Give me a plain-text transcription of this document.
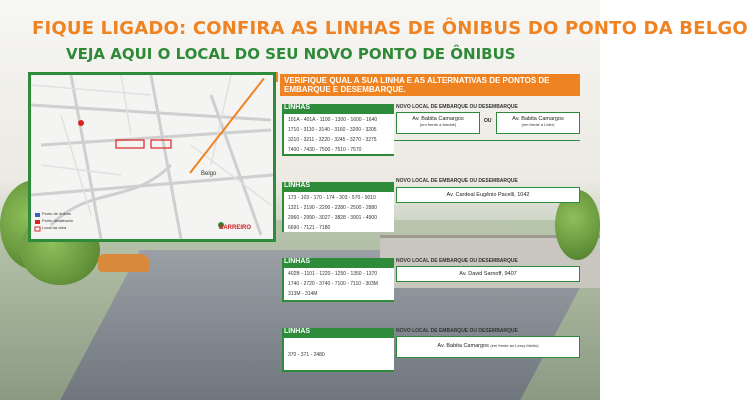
FIQUE LIGADO: CONFIRA AS LINHAS DE ÔNIBUS DO PONTO DA BELGO
VEJA AQUI O LOCAL DO SEU NOVO PONTO DE ÔNIBUS
Belgo
BARREIRO
Ponto de ônibus
Ponto desativado
Local da obra
VERIFIQUE QUAL A SUA LINHA E AS ALTERNATIVAS DE PONTOS DE EMBARQUE E DESEMBARQUE.
LINHAS
101A - 401A - 1100 - 1300 - 1600 - 1640
1710 - 3110 - 3140 - 3160 - 3200 - 3205
3210 - 3211 - 3220 - 3245 - 3270 - 3275
7400 - 7430 - 7500 - 7510 - 7570
NOVO LOCAL DE EMBARQUE OU DESEMBARQUE
Av. Babita Camargos
(em frente a Itarubê)
OU	Av. Babita Camargos
(em frente a Lider)
LINHAS
173 - 103 - 170 - 174 - 303 - 570 - 9010
1321 - 2190 - 2200 - 2280 - 2500 - 2880
2960 - 2990 - 3027 - 3828 - 3901 - 4900
6690 - 7121 - 7180
NOVO LOCAL DE EMBARQUE OU DESEMBARQUE
Av. Cardeal Eugênio Pacelli, 1042
LINHAS
402B - 1101 - 1220 - 1250 - 1350 - 1370
1740 - 2720 - 3740 - 7100 - 7110 - 303M
313M - 314M
NOVO LOCAL DE EMBARQUE OU DESEMBARQUE
Av. David Sarnoff, 9407
LINHAS
370 - 371 - 2480
NOVO LOCAL DE EMBARQUE OU DESEMBARQUE
Av. Babita Camargos (em frente ao Leroy Merlin)
